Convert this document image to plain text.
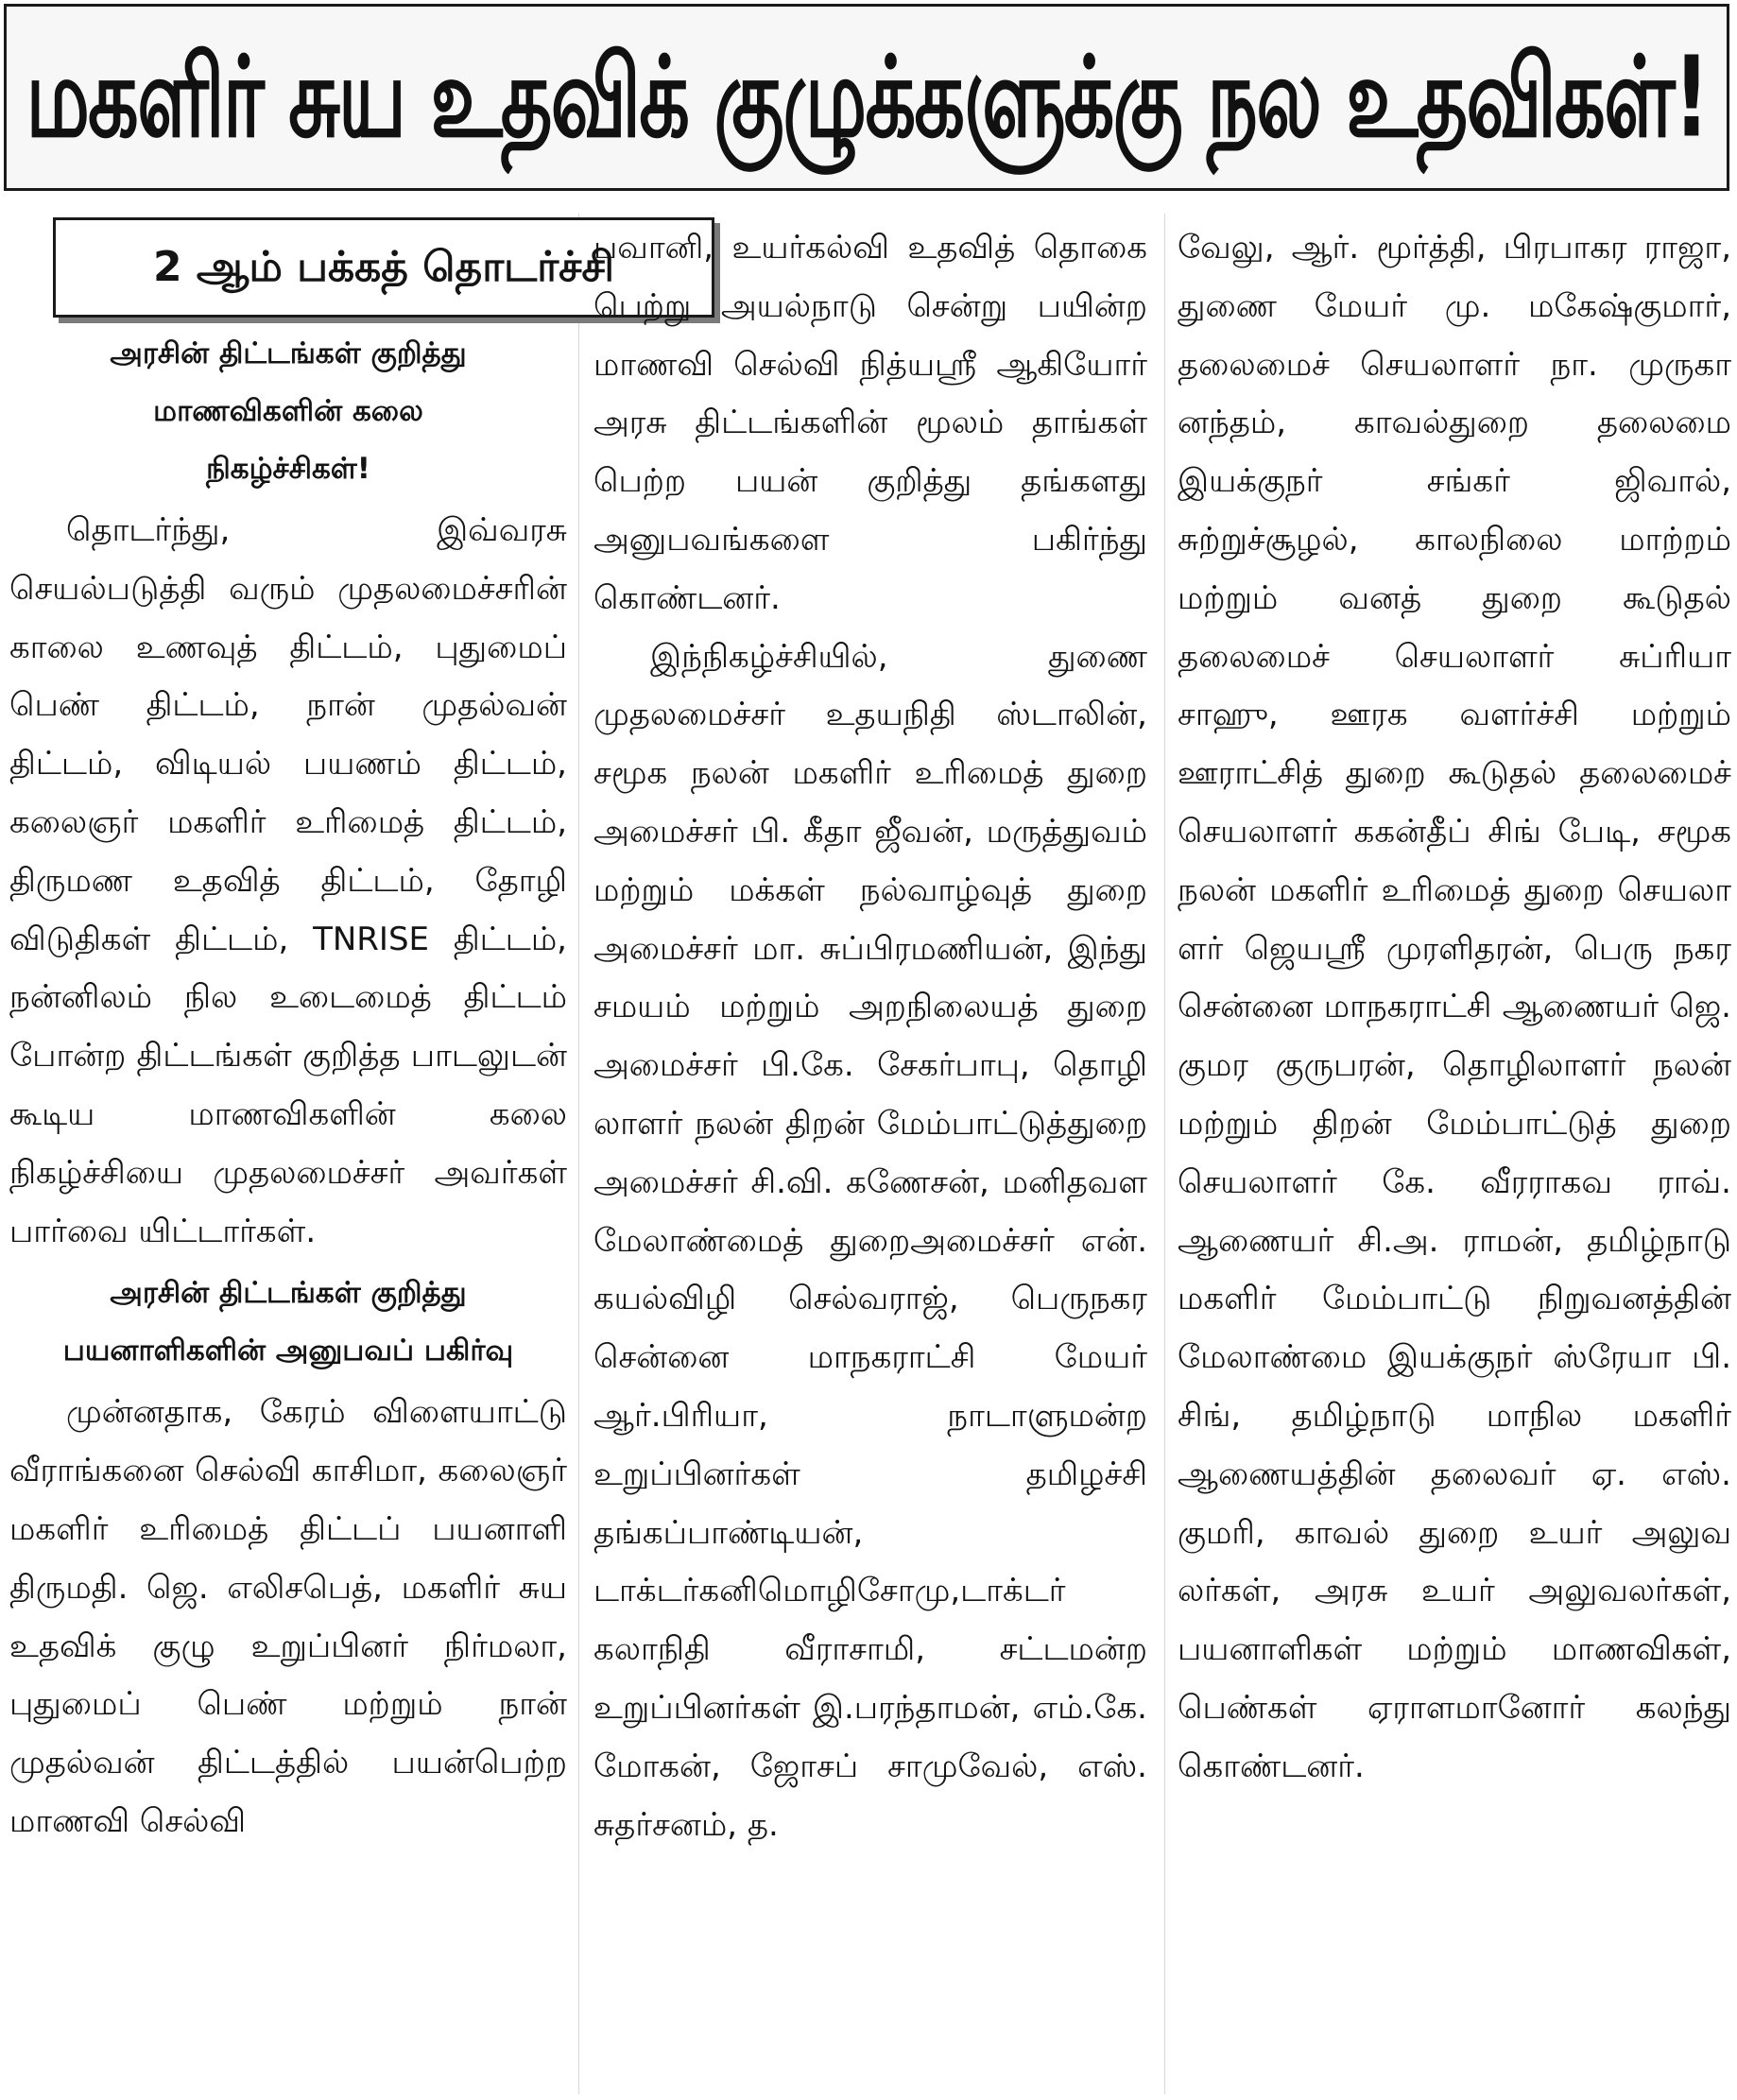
மகளிர் சுய உதவிக் குழுக்களுக்கு நல உதவிகள்!
2 ஆம் பக்கத் தொடர்ச்சி
அரசின் திட்டங்கள் குறித்து
மாணவிகளின் கலை
நிகழ்ச்சிகள்!

தொடர்ந்து, இவ்வரசு செயல்படுத்தி வரும் முதலமைச்சரின் காலை உணவுத் திட்டம், புதுமைப் பெண் திட்டம், நான் முதல்வன் திட்டம், விடியல் பயணம் திட்டம், கலைஞர் மகளிர் உரிமைத் திட்டம், திருமண உதவித் திட்டம், தோழி விடுதிகள் திட்டம், TNRISE திட்டம், நன்னிலம் நில உடைமைத் திட்டம் போன்ற திட்டங்கள் குறித்த பாடலுடன் கூடிய மாணவிகளின் கலை நிகழ்ச்சியை முதலமைச்சர் அவர்கள் பார்வை யிட்டார்கள்.

அரசின் திட்டங்கள் குறித்து
பயனாளிகளின் அனுபவப் பகிர்வு

முன்னதாக, கேரம் விளையாட்டு வீராங்கனை செல்வி காசிமா, கலைஞர் மகளிர் உரிமைத் திட்டப் பயனாளி திருமதி. ஜெ. எலிசபெத், மகளிர் சுய உதவிக் குழு உறுப்பினர் நிர்மலா, புதுமைப் பெண் மற்றும் நான் முதல்வன் திட்டத்தில் பயன்பெற்ற மாணவி செல்வி

பவானி, உயர்கல்வி உதவித் தொகை பெற்று அயல்நாடு சென்று பயின்ற மாணவி செல்வி நித்யஸ்ரீ ஆகியோர் அரசு திட்டங்களின் மூலம் தாங்கள் பெற்ற பயன் குறித்து தங்களது அனுபவங்களை பகிர்ந்து கொண்டனர்.

இந்நிகழ்ச்சியில், துணை முதலமைச்சர் உதயநிதி ஸ்டாலின், சமூக நலன் மகளிர் உரிமைத் துறை அமைச்சர் பி. கீதா ஜீவன், மருத்துவம் மற்றும் மக்கள் நல்வாழ்வுத் துறை அமைச்சர் மா. சுப்பிரமணியன், இந்து சமயம் மற்றும் அறநிலையத் துறை அமைச்சர் பி.கே. சேகர்பாபு, தொழி லாளர் நலன் திறன் மேம்பாட்டுத்துறை அமைச்சர் சி.வி. கணேசன், மனிதவள மேலாண்மைத் துறைஅமைச்சர் என். கயல்விழி செல்வராஜ், பெருநகர சென்னை மாநகராட்சி மேயர் ஆர்.பிரியா, நாடாளுமன்ற உறுப்பினர்கள் தமிழச்சி தங்கப்பாண்டியன், டாக்டர்கனிமொழிசோமு,டாக்டர் கலாநிதி வீராசாமி, சட்டமன்ற உறுப்பினர்கள் இ.பரந்தாமன், எம்.கே. மோகன், ஜோசப் சாமுவேல், எஸ். சுதர்சனம், த.

வேலு, ஆர். மூர்த்தி, பிரபாகர ராஜா, துணை மேயர் மு. மகேஷ்குமார், தலைமைச் செயலாளர் நா. முருகா னந்தம், காவல்துறை தலைமை இயக்குநர் சங்கர் ஜிவால், சுற்றுச்சூழல், காலநிலை மாற்றம் மற்றும் வனத் துறை கூடுதல் தலைமைச் செயலாளர் சுப்ரியா சாஹு, ஊரக வளர்ச்சி மற்றும் ஊராட்சித் துறை கூடுதல் தலைமைச் செயலாளர் ககன்தீப் சிங் பேடி, சமூக நலன் மகளிர் உரிமைத் துறை செயலா ளர் ஜெயஸ்ரீ முரளிதரன், பெரு நகர சென்னை மாநகராட்சி ஆணையர் ஜெ. குமர குருபரன், தொழிலாளர் நலன் மற்றும் திறன் மேம்பாட்டுத் துறை செயலாளர் கே. வீரராகவ ராவ். ஆணையர் சி.அ. ராமன், தமிழ்நாடு மகளிர் மேம்பாட்டு நிறுவனத்தின் மேலாண்மை இயக்குநர் ஸ்ரேயா பி. சிங், தமிழ்நாடு மாநில மகளிர் ஆணையத்தின் தலைவர் ஏ. எஸ். குமரி, காவல் துறை உயர் அலுவ லர்கள், அரசு உயர் அலுவலர்கள், பயனாளிகள் மற்றும் மாணவிகள், பெண்கள் ஏராளமானோர் கலந்து கொண்டனர்.
